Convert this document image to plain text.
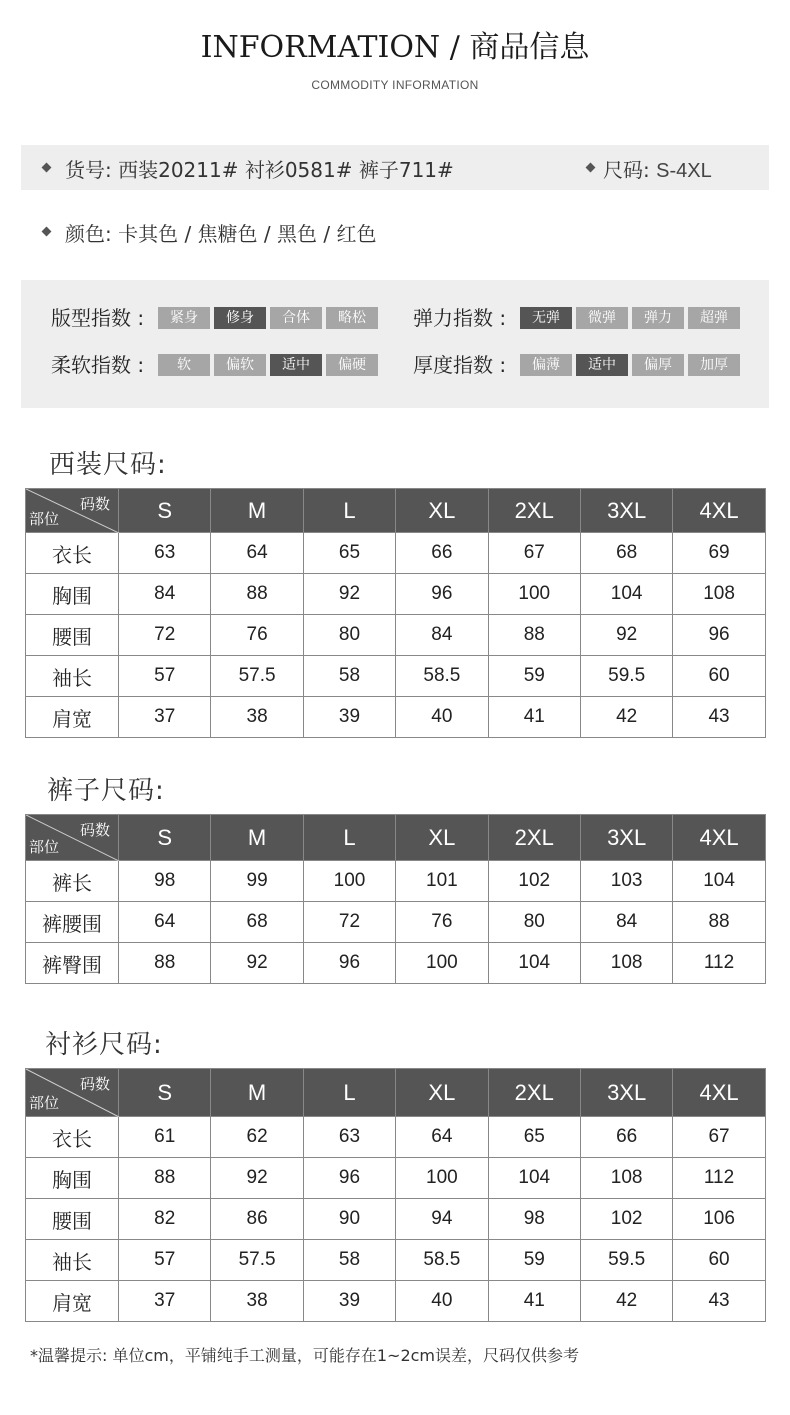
INFORMATION / 商品信息
COMMODITY INFORMATION
货号: 西装20211# 衬衫0581# 裤子711#	尺码: S-4XL
颜色: 卡其色 / 焦糖色 / 黑色 / 红色
版型指数 :	紧身	修身	合体	略松	弹力指数 :	无弹	微弹	弹力	超弹
柔软指数 :	软	偏软	适中	偏硬	厚度指数 :	偏薄	适中	偏厚	加厚
西装尺码:
裤子尺码:
衬衫尺码:
码数
部位	S	M	L	XL	2XL	3XL	4XL
衣长	63	64	65	66	67	68	69
胸围	84	88	92	96	100	104	108
腰围	72	76	80	84	88	92	96
袖长	57	57.5	58	58.5	59	59.5	60
肩宽	37	38	39	40	41	42	43
码数
部位	S	M	L	XL	2XL	3XL	4XL
裤长	98	99	100	101	102	103	104
裤腰围	64	68	72	76	80	84	88
裤臀围	88	92	96	100	104	108	112
码数
部位	S	M	L	XL	2XL	3XL	4XL
衣长	61	62	63	64	65	66	67
胸围	88	92	96	100	104	108	112
腰围	82	86	90	94	98	102	106
袖长	57	57.5	58	58.5	59	59.5	60
肩宽	37	38	39	40	41	42	43
*温馨提示: 单位cm，平铺纯手工测量，可能存在1~2cm误差，尺码仅供参考
